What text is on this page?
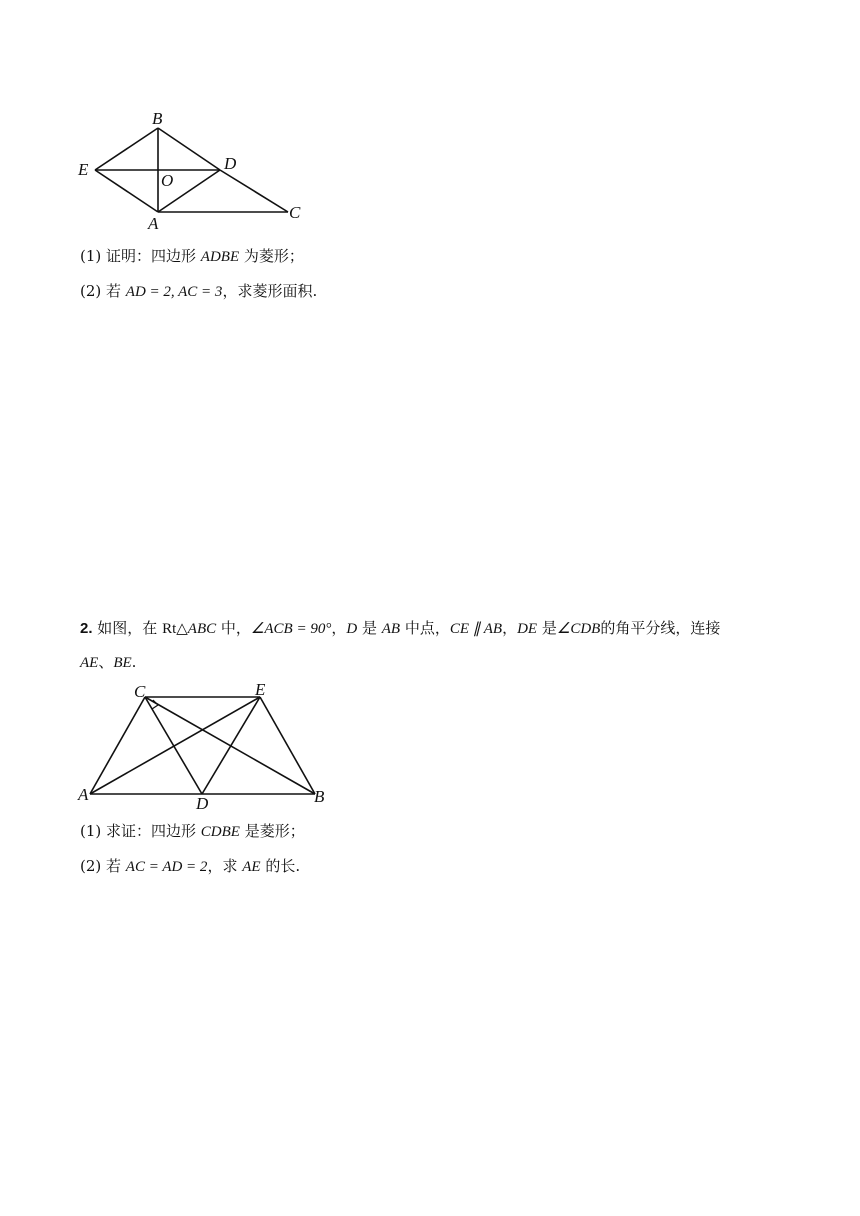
B
E	D
O
A
C
(1) 证明：四边形 ADBE 为菱形；
(2) 若 AD = 2, AC = 3，求菱形面积.
2. 如图，在 Rt△ABC 中，∠ACB = 90°，D 是 AB 中点，CE ∥ AB，DE 是∠CDB的角平分线，连接
AE、BE.
C	E
A	D	B
(1) 求证：四边形 CDBE 是菱形；
(2) 若 AC = AD = 2，求 AE 的长.
